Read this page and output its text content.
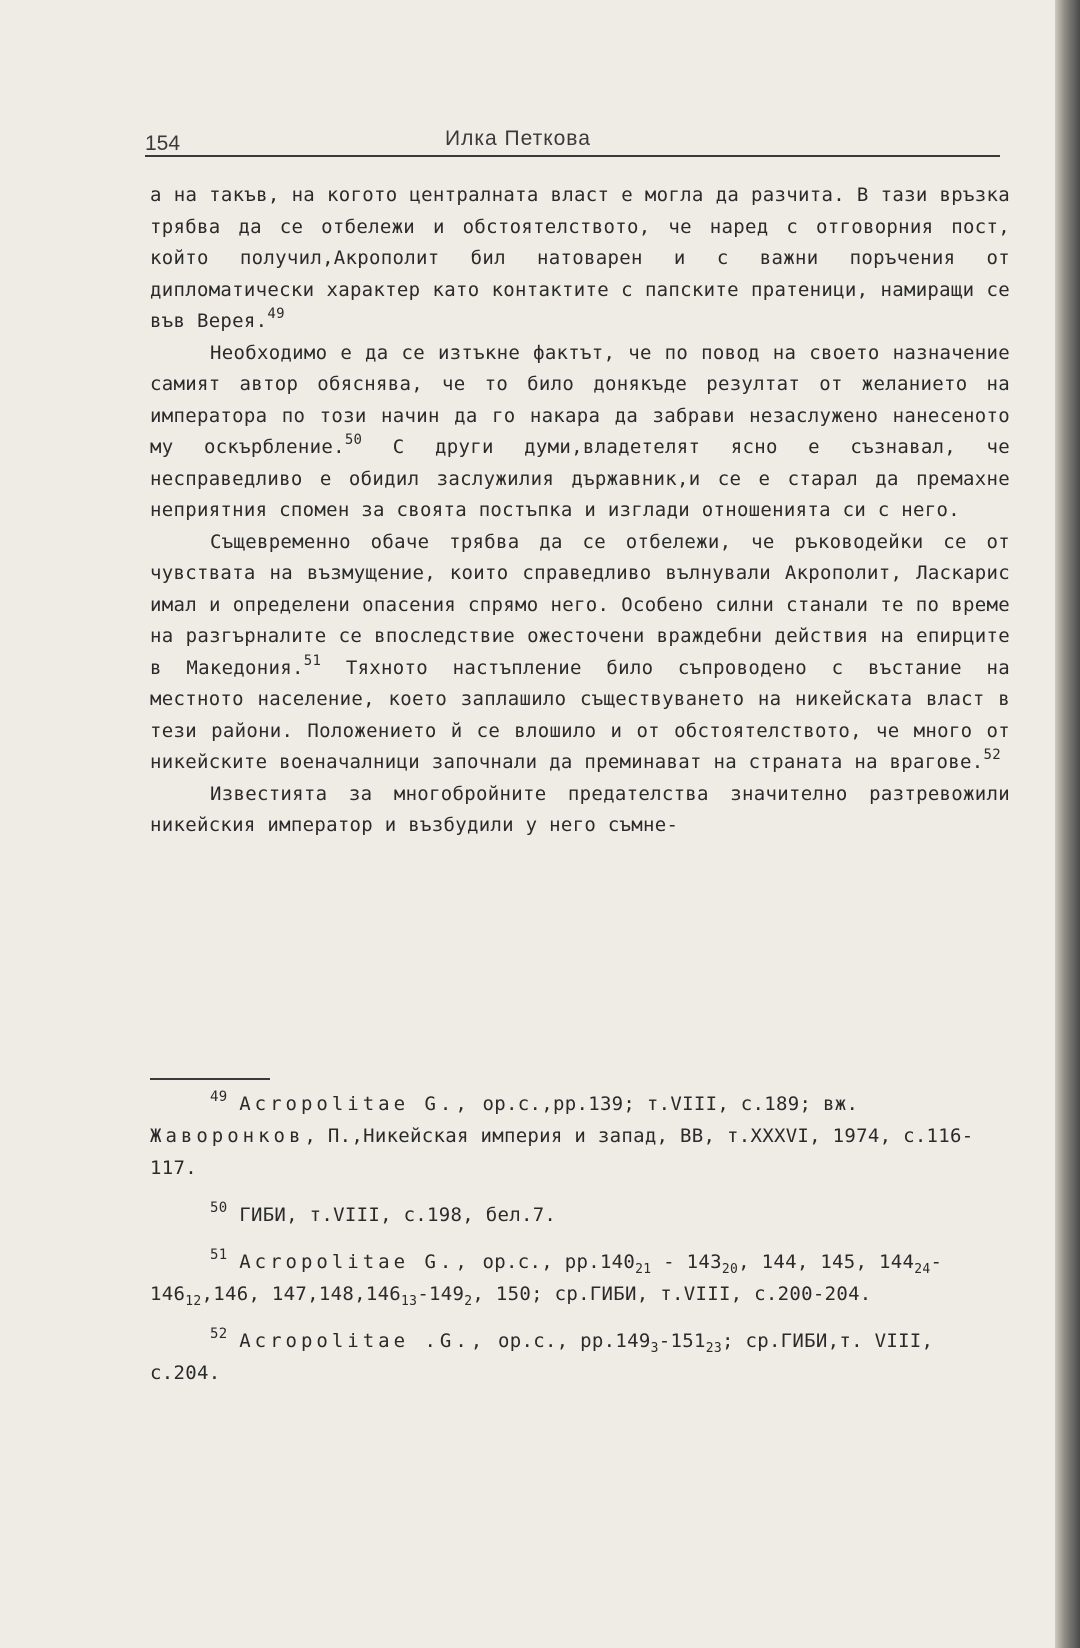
154	Илка Петкова

а на такъв, на когото централната власт е могла да разчита. В тази връзка трябва да се отбележи и обстоятелството, че наред с отговорния пост, който получил,Акрополит бил натоварен и с важни поръчения от дипломатически характер като контактите с папските пратеници, намиращи се във Верея.$^{49}$

Необходимо е да се изтъкне фактът, че по повод на своето назначение самият автор обяснява, че то било донякъде резултат от желанието на императора по този начин да го накара да забрави незаслужено нанесеното му оскърбление.$^{50}$ С други думи,владетелят ясно е съзнавал, че несправедливо е обидил заслужилия държавник,и се е старал да премахне неприятния спомен за своята постъпка и изглади отношенията си с него.

Същевременно обаче трябва да се отбележи, че ръководейки се от чувствата на възмущение, които справедливо вълнували Акрополит, Ласкарис имал и определени опасения спрямо него. Особено силни станали те по време на разгърналите се впоследствие ожесточени враждебни действия на епирците в Македония.$^{51}$ Тяхното настъпление било съпроводено с въстание на местното население, което заплашило съществуването на никейската власт в тези райони. Положението й се влошило и от обстоятелството, че много от никейските военачалници започнали да преминават на страната на врагове.$^{52}$

Известията за многобройните предателства значително разтревожили никейския император и възбудили у него съмне-

$^{49}$ Acropolitae G., op.c.,pp.139; т.VIII, с.189; вж. Жаворонков, П.,Никейская империя и запад, ВВ, т.XXXVI, 1974, с.116-117.

$^{50}$ ГИБИ, т.VIII, с.198, бел.7.

$^{51}$ Acropolitae G., op.c., $pp.140_{21} - 143_{20}$, 144, 145, $144_{24}-146_{12},146$, $147,148,146_{13}-149_2$, 150; ср.ГИБИ, т.VIII, с.200-204.

$^{52}$ Acropolitae .G., op.c., $pp.149_3-151_{23}$; ср.ГИБИ,т. VIII, с.204.
